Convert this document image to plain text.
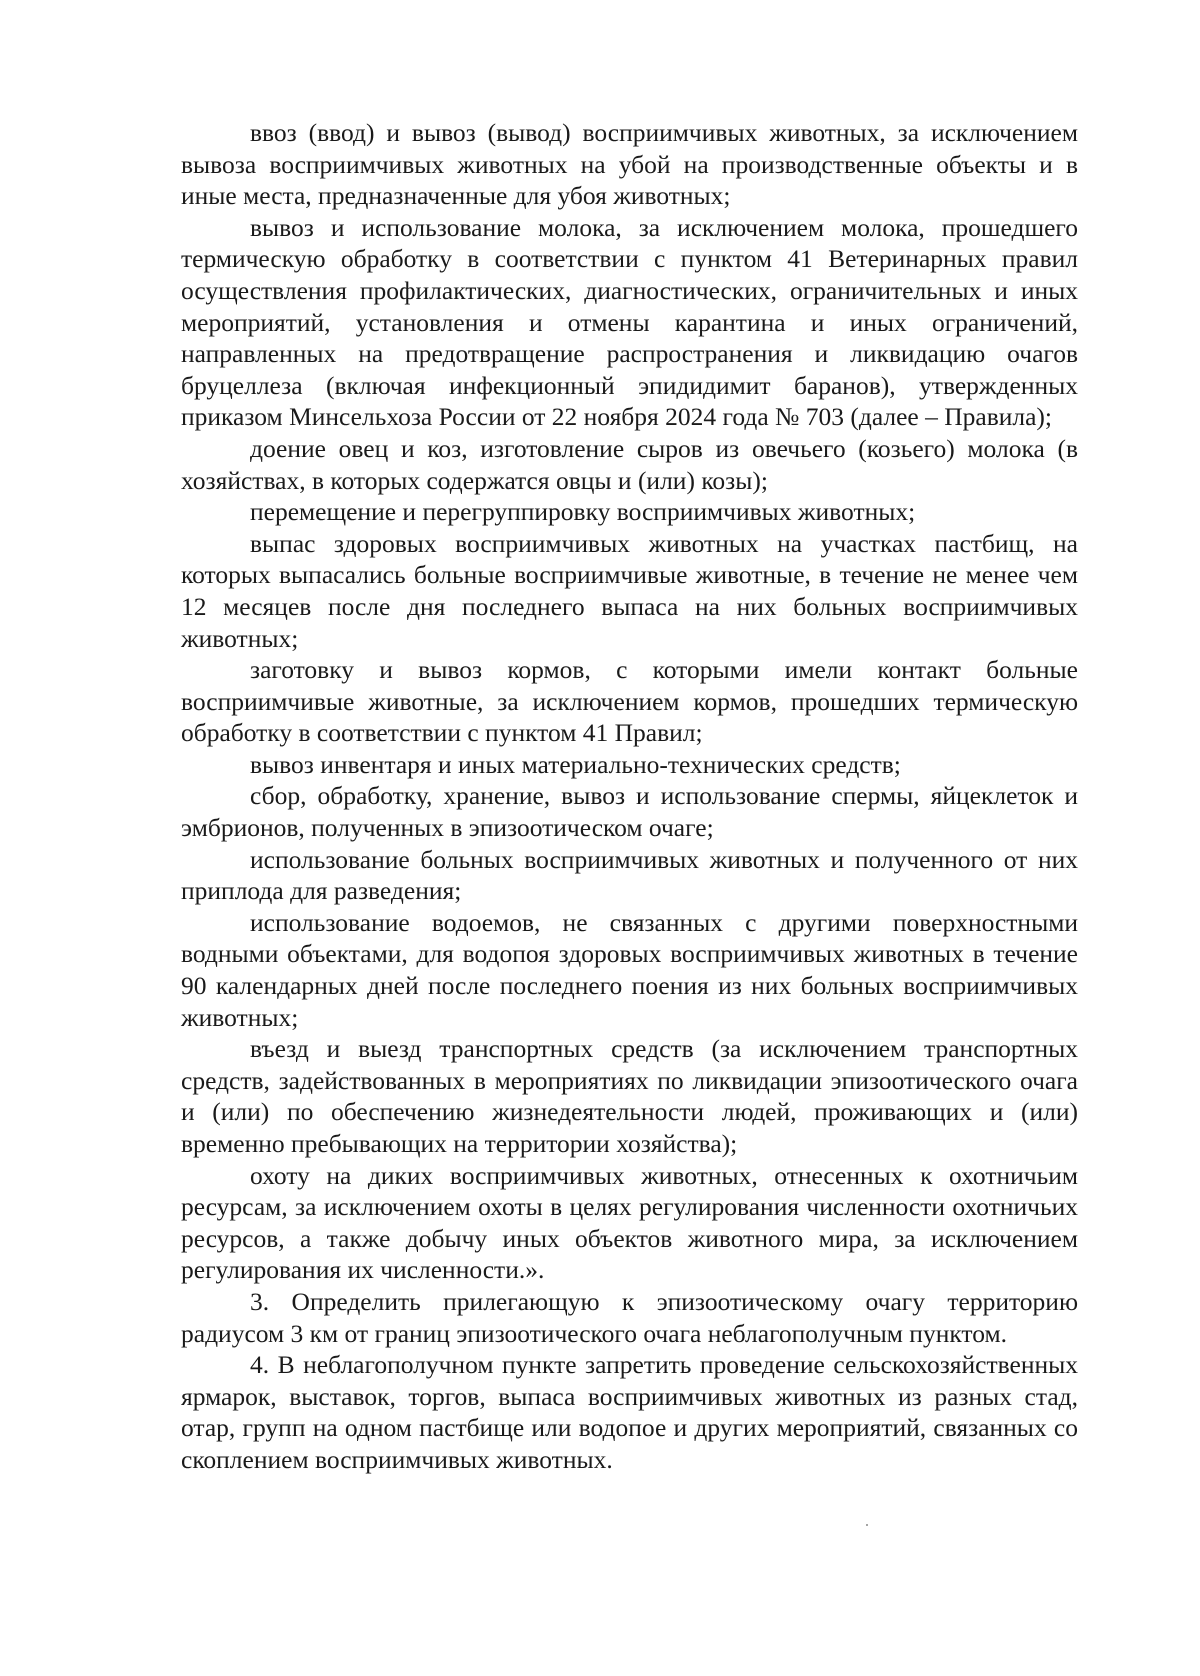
ввоз (ввод) и вывоз (вывод) восприимчивых животных, за исключением вывоза восприимчивых животных на убой на производственные объекты и в иные места, предназначенные для убоя животных;

вывоз и использование молока, за исключением молока, прошедшего термическую обработку в соответствии с пунктом 41 Ветеринарных правил осуществления профилактических, диагностических, ограничительных и иных мероприятий, установления и отмены карантина и иных ограничений, направленных на предотвращение распространения и ликвидацию очагов бруцеллеза (включая инфекционный эпидидимит баранов), утвержденных приказом Минсельхоза России от 22 ноября 2024 года № 703 (далее – Правила);

доение овец и коз, изготовление сыров из овечьего (козьего) молока (в хозяйствах, в которых содержатся овцы и (или) козы);

перемещение и перегруппировку восприимчивых животных;

выпас здоровых восприимчивых животных на участках пастбищ, на которых выпасались больные восприимчивые животные, в течение не менее чем 12 месяцев после дня последнего выпаса на них больных восприимчивых животных;

заготовку и вывоз кормов, с которыми имели контакт больные восприимчивые животные, за исключением кормов, прошедших термическую обработку в соответствии с пунктом 41 Правил;

вывоз инвентаря и иных материально-технических средств;

сбор, обработку, хранение, вывоз и использование спермы, яйцеклеток и эмбрионов, полученных в эпизоотическом очаге;

использование больных восприимчивых животных и полученного от них приплода для разведения;

использование водоемов, не связанных с другими поверхностными водными объектами, для водопоя здоровых восприимчивых животных в течение 90 календарных дней после последнего поения из них больных восприимчивых животных;

въезд и выезд транспортных средств (за исключением транспортных средств, задействованных в мероприятиях по ликвидации эпизоотического очага и (или) по обеспечению жизнедеятельности людей, проживающих и (или) временно пребывающих на территории хозяйства);

охоту на диких восприимчивых животных, отнесенных к охотничьим ресурсам, за исключением охоты в целях регулирования численности охотничьих ресурсов, а также добычу иных объектов животного мира, за исключением регулирования их численности.».

3. Определить прилегающую к эпизоотическому очагу территорию радиусом 3 км от границ эпизоотического очага неблагополучным пунктом.

4. В неблагополучном пункте запретить проведение сельскохозяйственных ярмарок, выставок, торгов, выпаса восприимчивых животных из разных стад, отар, групп на одном пастбище или водопое и других мероприятий, связанных со скоплением восприимчивых животных.
